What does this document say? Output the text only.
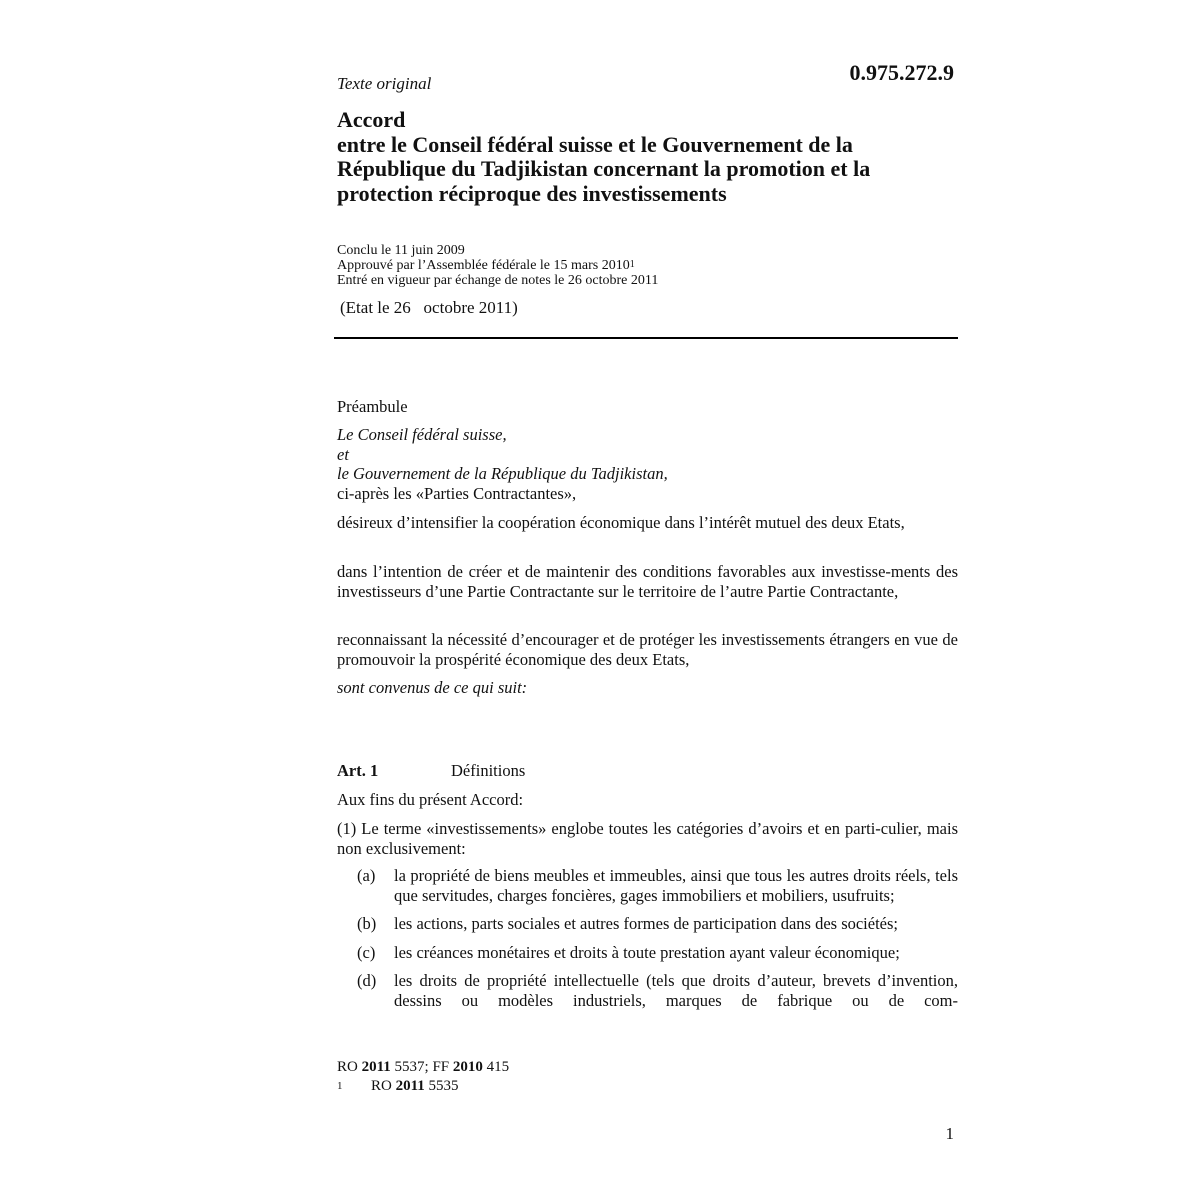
0.975.272.9
Texte original
Accord
entre le Conseil fédéral suisse et le Gouvernement de la
République du Tadjikistan concernant la promotion et la
protection réciproque des investissements
Conclu le 11 juin 2009
Approuvé par l’Assemblée fédérale le 15 mars 2010$^1$
Entré en vigueur par échange de notes le 26 octobre 2011
(Etat le 26   octobre 2011)
Préambule
Le Conseil fédéral suisse,
et
le Gouvernement de la République du Tadjikistan,
ci-après les «Parties Contractantes»,
désireux d’intensifier la coopération économique dans l’intérêt mutuel des deux Etats,
dans l’intention de créer et de maintenir des conditions favorables aux investisse-ments des investisseurs d’une Partie Contractante sur le territoire de l’autre Partie Contractante,
reconnaissant la nécessité d’encourager et de protéger les investissements étrangers en vue de promouvoir la prospérité économique des deux Etats,
sont convenus de ce qui suit:
Art. 1	Définitions
Aux fins du présent Accord:
(1) Le terme «investissements» englobe toutes les catégories d’avoirs et en parti-culier, mais non exclusivement:
(a)	la propriété de biens meubles et immeubles, ainsi que tous les autres droits réels, tels que servitudes, charges foncières, gages immobiliers et mobiliers, usufruits;
(b)	les actions, parts sociales et autres formes de participation dans des sociétés;
(c)	les créances monétaires et droits à toute prestation ayant valeur économique;
(d)	les droits de propriété intellectuelle (tels que droits d’auteur, brevets d’invention, dessins ou modèles industriels, marques de fabrique ou de com-
RO 2011 5537; FF 2010 415
1 RO 2011 5535
1
